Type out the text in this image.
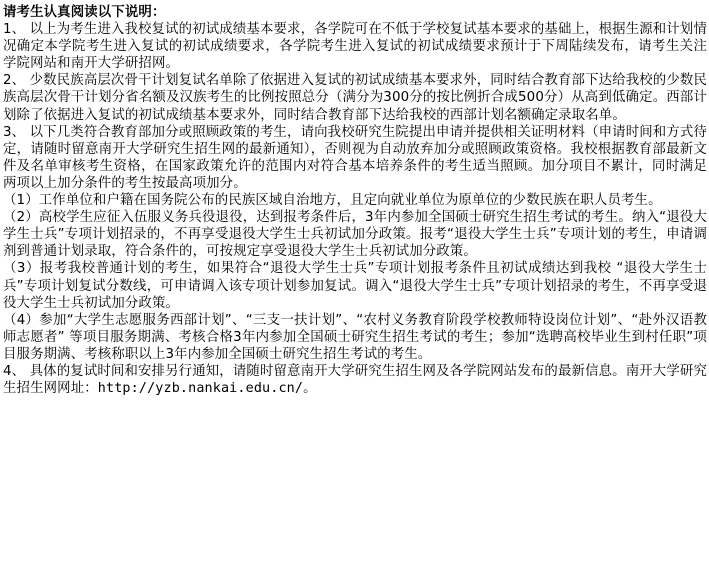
请考生认真阅读以下说明：

1、 以上为考生进入我校复试的初试成绩基本要求，各学院可在不低于学校复试基本要求的基础上，根据生源和计划情况确定本学院考生进入复试的初试成绩要求，各学院考生进入复试的初试成绩要求预计于下周陆续发布，请考生关注学院网站和南开大学研招网。

2、 少数民族高层次骨干计划复试名单除了依据进入复试的初试成绩基本要求外，同时结合教育部下达给我校的少数民族高层次骨干计划分省名额及汉族考生的比例按照总分（满分为300分的按比例折合成500分）从高到低确定。西部计划除了依据进入复试的初试成绩基本要求外，同时结合教育部下达给我校的西部计划名额确定录取名单。

3、 以下几类符合教育部加分或照顾政策的考生，请向我校研究生院提出申请并提供相关证明材料（申请时间和方式待定，请随时留意南开大学研究生招生网的最新通知），否则视为自动放弃加分或照顾政策资格。我校根据教育部最新文件及名单审核考生资格，在国家政策允许的范围内对符合基本培养条件的考生适当照顾。加分项目不累计，同时满足两项以上加分条件的考生按最高项加分。

（1）工作单位和户籍在国务院公布的民族区域自治地方，且定向就业单位为原单位的少数民族在职人员考生。

（2）高校学生应征入伍服义务兵役退役，达到报考条件后，3年内参加全国硕士研究生招生考试的考生。纳入“退役大学生士兵”专项计划招录的，不再享受退役大学生士兵初试加分政策。报考“退役大学生士兵”专项计划的考生，申请调剂到普通计划录取，符合条件的，可按规定享受退役大学生士兵初试加分政策。

（3）报考我校普通计划的考生，如果符合“退役大学生士兵”专项计划报考条件且初试成绩达到我校 “退役大学生士兵”专项计划复试分数线，可申请调入该专项计划参加复试。调入“退役大学生士兵”专项计划招录的考生，不再享受退役大学生士兵初试加分政策。

（4）参加“大学生志愿服务西部计划”、“三支一扶计划”、“农村义务教育阶段学校教师特设岗位计划”、“赴外汉语教师志愿者” 等项目服务期满、考核合格3年内参加全国硕士研究生招生考试的考生；参加“选聘高校毕业生到村任职”项目服务期满、考核称职以上3年内参加全国硕士研究生招生考试的考生。

4、 具体的复试时间和安排另行通知，请随时留意南开大学研究生招生网及各学院网站发布的最新信息。南开大学研究生招生网网址：http://yzb.nankai.edu.cn/。
